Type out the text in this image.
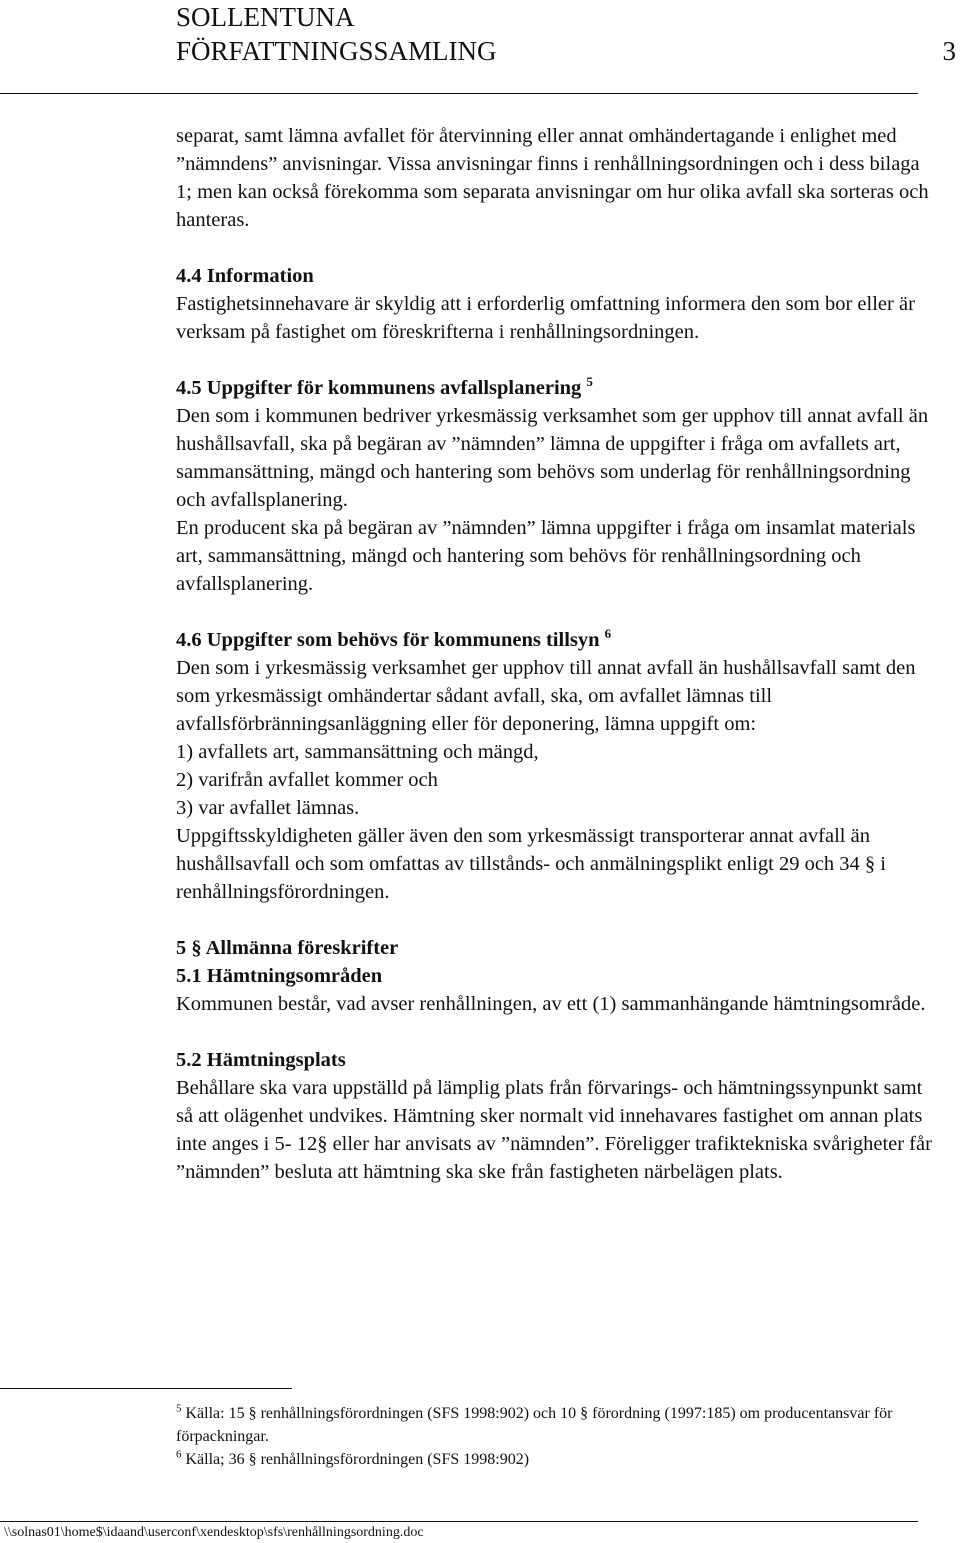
SOLLENTUNA
FÖRFATTNINGSSAMLING	3

separat, samt lämna avfallet för återvinning eller annat omhändertagande i enlighet med ”nämndens” anvisningar. Vissa anvisningar finns i renhållningsordningen och i dess bilaga 1; men kan också förekomma som separata anvisningar om hur olika avfall ska sorteras och hanteras.

4.4 Information

Fastighetsinnehavare är skyldig att i erforderlig omfattning informera den som bor eller är verksam på fastighet om föreskrifterna i renhållningsordningen.

4.5 Uppgifter för kommunens avfallsplanering $^5$

Den som i kommunen bedriver yrkesmässig verksamhet som ger upphov till annat avfall än hushållsavfall, ska på begäran av ”nämnden” lämna de uppgifter i fråga om avfallets art, sammansättning, mängd och hantering som behövs som underlag för renhållningsordning och avfallsplanering.

En producent ska på begäran av ”nämnden” lämna uppgifter i fråga om insamlat materials art, sammansättning, mängd och hantering som behövs för renhållningsordning och avfallsplanering.

4.6 Uppgifter som behövs för kommunens tillsyn $^6$

Den som i yrkesmässig verksamhet ger upphov till annat avfall än hushållsavfall samt den som yrkesmässigt omhändertar sådant avfall, ska, om avfallet lämnas till avfallsförbränningsanläggning eller för deponering, lämna uppgift om:

1) avfallets art, sammansättning och mängd,

2) varifrån avfallet kommer och

3) var avfallet lämnas.

Uppgiftsskyldigheten gäller även den som yrkesmässigt transporterar annat avfall än hushållsavfall och som omfattas av tillstånds- och anmälningsplikt enligt 29 och 34 § i renhållningsförordningen.

5 § Allmänna föreskrifter

5.1 Hämtningsområden

Kommunen består, vad avser renhållningen, av ett (1) sammanhängande hämtningsområde.

5.2 Hämtningsplats

Behållare ska vara uppställd på lämplig plats från förvarings- och hämtningssynpunkt samt så att olägenhet undvikes. Hämtning sker normalt vid innehavares fastighet om annan plats inte anges i 5- 12§ eller har anvisats av ”nämnden”. Föreligger trafiktekniska svårigheter får ”nämnden” besluta att hämtning ska ske från fastigheten närbelägen plats.

$^5$ Källa: 15 § renhållningsförordningen (SFS 1998:902) och 10 § förordning (1997:185) om producentansvar för förpackningar.

$^6$ Källa; 36 § renhållningsförordningen (SFS 1998:902)

\\solnas01\home$\idaand\userconf\xendesktop\sfs\renhållningsordning.doc
